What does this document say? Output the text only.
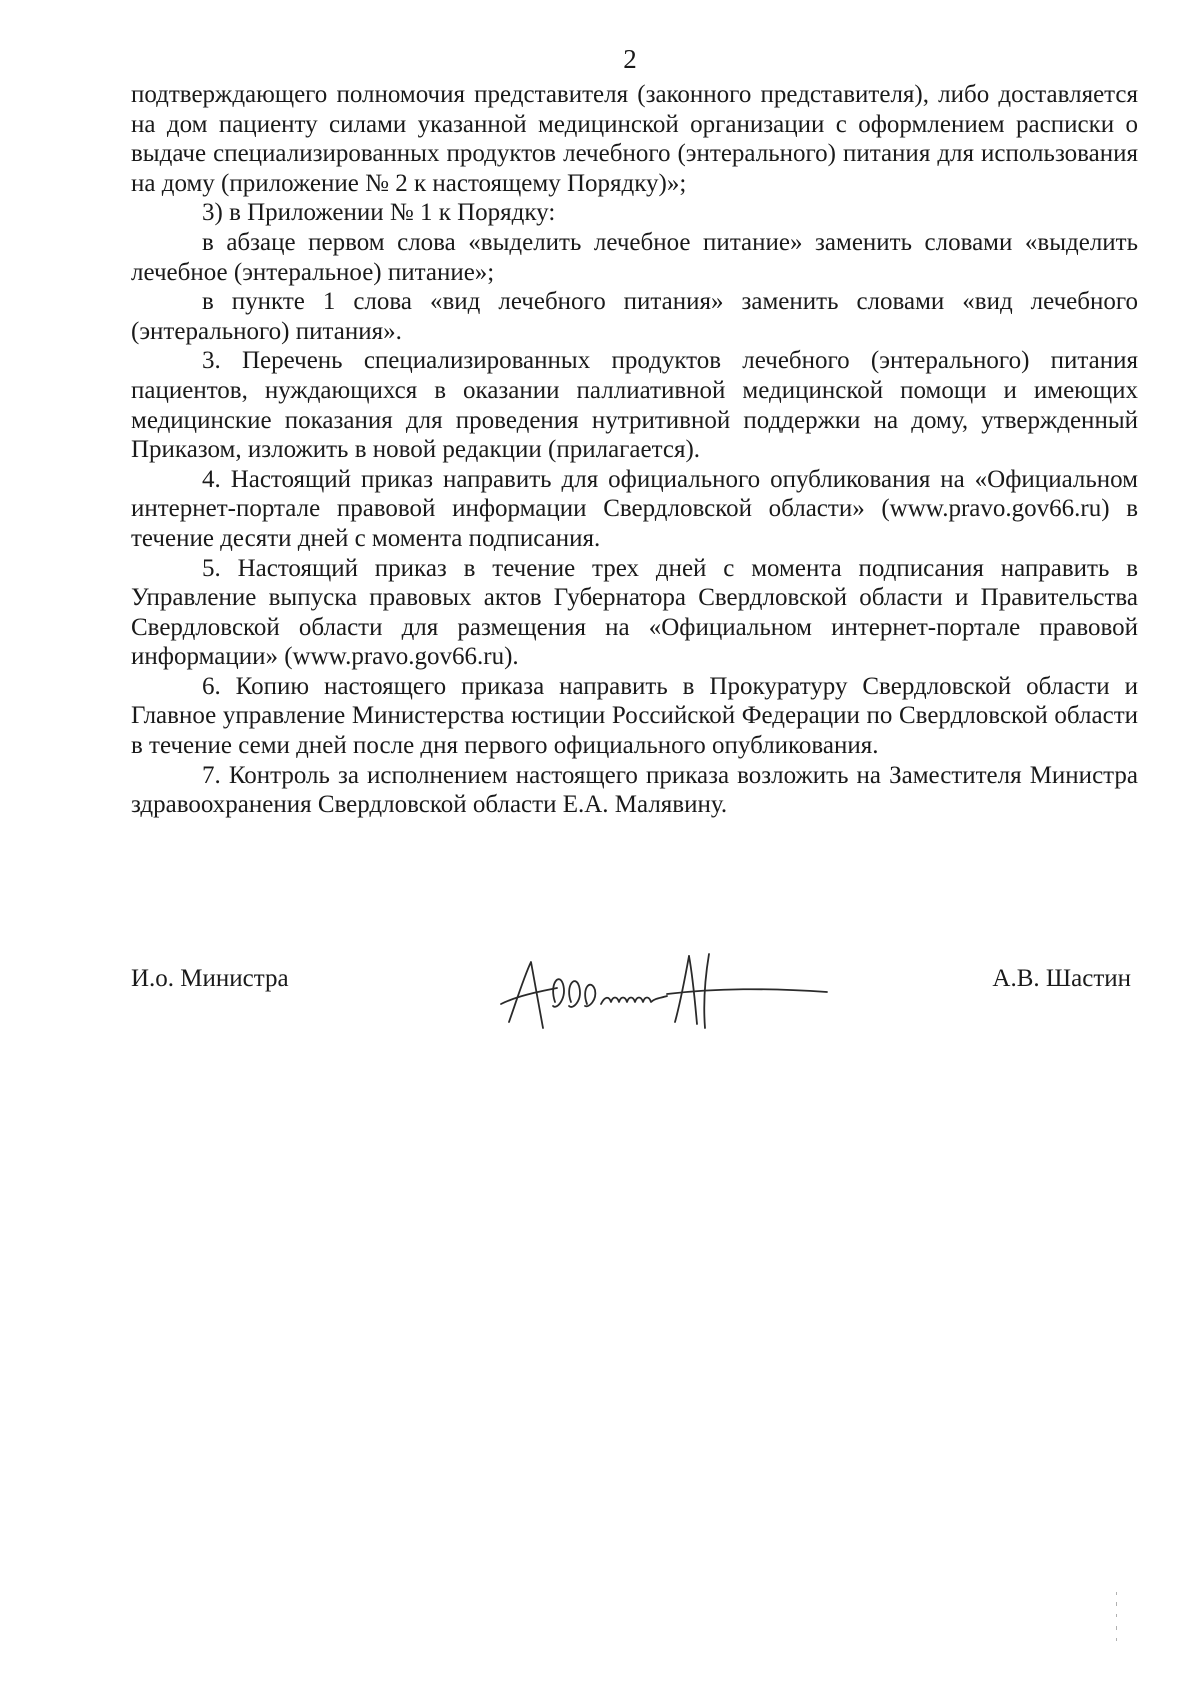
2

подтверждающего полномочия представителя (законного представителя), либо доставляется на дом пациенту силами указанной медицинской организации с оформлением расписки о выдаче специализированных продуктов лечебного (энтерального) питания для использования на дому (приложение № 2 к настоящему Порядку)»;

3) в Приложении № 1 к Порядку:

в абзаце первом слова «выделить лечебное питание» заменить словами «выделить лечебное (энтеральное) питание»;

в пункте 1 слова «вид лечебного питания» заменить словами «вид лечебного (энтерального) питания».

3. Перечень специализированных продуктов лечебного (энтерального) питания пациентов, нуждающихся в оказании паллиативной медицинской помощи и имеющих медицинские показания для проведения нутритивной поддержки на дому, утвержденный Приказом, изложить в новой редакции (прилагается).

4. Настоящий приказ направить для официального опубликования на «Официальном интернет-портале правовой информации Свердловской области» (www.pravo.gov66.ru) в течение десяти дней с момента подписания.

5. Настоящий приказ в течение трех дней с момента подписания направить в Управление выпуска правовых актов Губернатора Свердловской области и Правительства Свердловской области для размещения на «Официальном интернет-портале правовой информации» (www.pravo.gov66.ru).

6. Копию настоящего приказа направить в Прокуратуру Свердловской области и Главное управление Министерства юстиции Российской Федерации по Свердловской области в течение семи дней после дня первого официального опубликования.

7. Контроль за исполнением настоящего приказа возложить на Заместителя Министра здравоохранения Свердловской области Е.А. Малявину.

И.о. Министра	А.В. Шастин
